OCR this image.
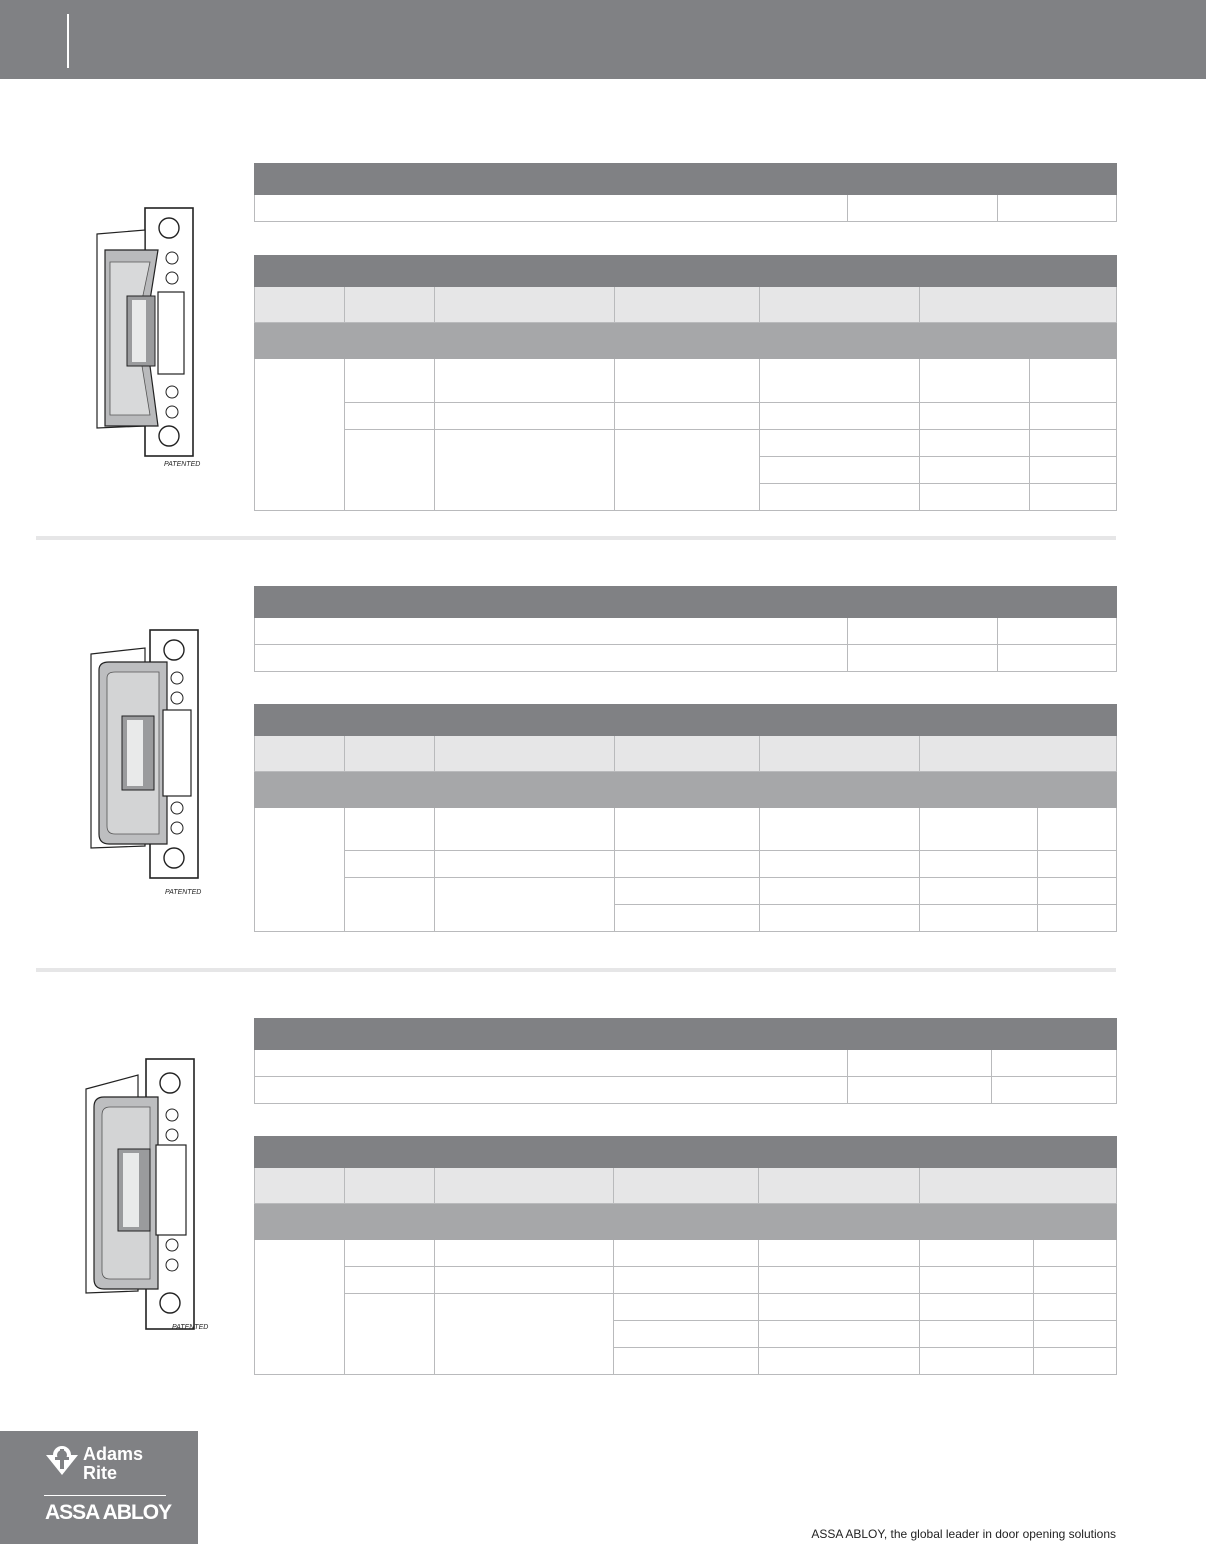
PATENTED

PATENTED

PATENTED

Adams
Rite
ASSA ABLOY
ASSA ABLOY, the global leader in door opening solutions
